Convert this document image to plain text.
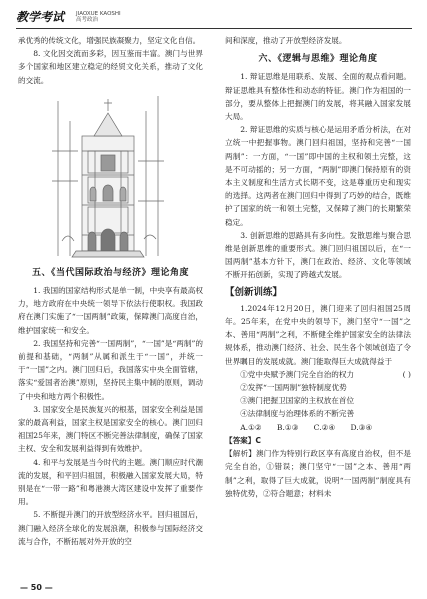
教学考试 JIAOXUE KAOSHI
高考政治

承优秀的传统文化，增强民族凝聚力，坚定文化自信。

8. 文化因交流而多彩，因互鉴而丰富。澳门与世界多个国家和地区建立稳定的经贸文化关系，推动了文化的交流。

五、《当代国际政治与经济》理论角度

1. 我国的国家结构形式是单一制，中央享有最高权力，地方政府在中央统一领导下依法行使职权。我国政府在澳门实施了“一国两制”政策，保障澳门高度自治，维护国家统一和安全。

2. 我国坚持和完善“一国两制”，“一国”是“两制”的前提和基础，“两制”从属和派生于“一国”，并统一于“一国”之内。澳门回归后，我国落实中央全面管辖，落实“爱国者治澳”原则，坚持民主集中制的原则，调动了中央和地方两个积极性。

3. 国家安全是民族复兴的根基，国家安全利益是国家的最高利益，国家主权是国家安全的核心。澳门回归祖国25年来，澳门特区不断完善法律制度，确保了国家主权、安全和发展利益得到有效维护。

4. 和平与发展是当今时代的主题。澳门顺应时代潮流的发展，和平回归祖国，积极融入国家发展大局，特别是在“一带一路”和粤港澳大湾区建设中发挥了重要作用。

5. 不断提升澳门的开放型经济水平。回归祖国后，澳门融入经济全球化的发展浪潮，积极参与国际经济交流与合作，不断拓展对外开放的空

间和深度，推动了开放型经济发展。

六、《逻辑与思维》理论角度

1. 辩证思维是用联系、发展、全面的观点看问题。辩证思维具有整体性和动态的特征。澳门作为祖国的一部分，要从整体上把握澳门的发展，将其融入国家发展大局。

2. 辩证思维的实质与核心是运用矛盾分析法，在对立统一中把握事物。澳门回归祖国，坚持和完善“一国两制”：一方面，“一国”即中国的主权和领土完整，这是不可动摇的；另一方面，“两制”即澳门保持原有的资本主义制度和生活方式长期不变，这是尊重历史和现实的选择。这两者在澳门回归中得到了巧妙的结合，既维护了国家的统一和领土完整，又保障了澳门的长期繁荣稳定。

3. 创新思维的思路具有多向性。发散思维与聚合思维是创新思维的重要形式。澳门回归祖国以后，在“一国两制”基本方针下，澳门在政治、经济、文化等领域不断开拓创新，实现了跨越式发展。

【创新训练】

1.2024年12月20日，澳门迎来了回归祖国25周年。25年来，在党中央的领导下，澳门坚守“一国”之本、善用“两制”之利，不断健全维护国家安全的法律法规体系，推动澳门经济、社会、民生各个领域创造了令世界瞩目的发展成就。澳门能取得巨大成就得益于
( )

①党中央赋予澳门完全自治的权力

②发挥“一国两制”独特制度优势

③澳门把握卫国家的主权放在首位

④法律制度与治理体系的不断完善

A.①②　　B.①③　　C.②④　　D.③④

【答案】C

【解析】澳门作为特别行政区享有高度自治权，但不是完全自治，①错误；澳门坚守“一国”之本、善用“两制”之利，取得了巨大成就，说明“一国两制”制度具有独特优势，②符合题意；材料未

— 50 —
